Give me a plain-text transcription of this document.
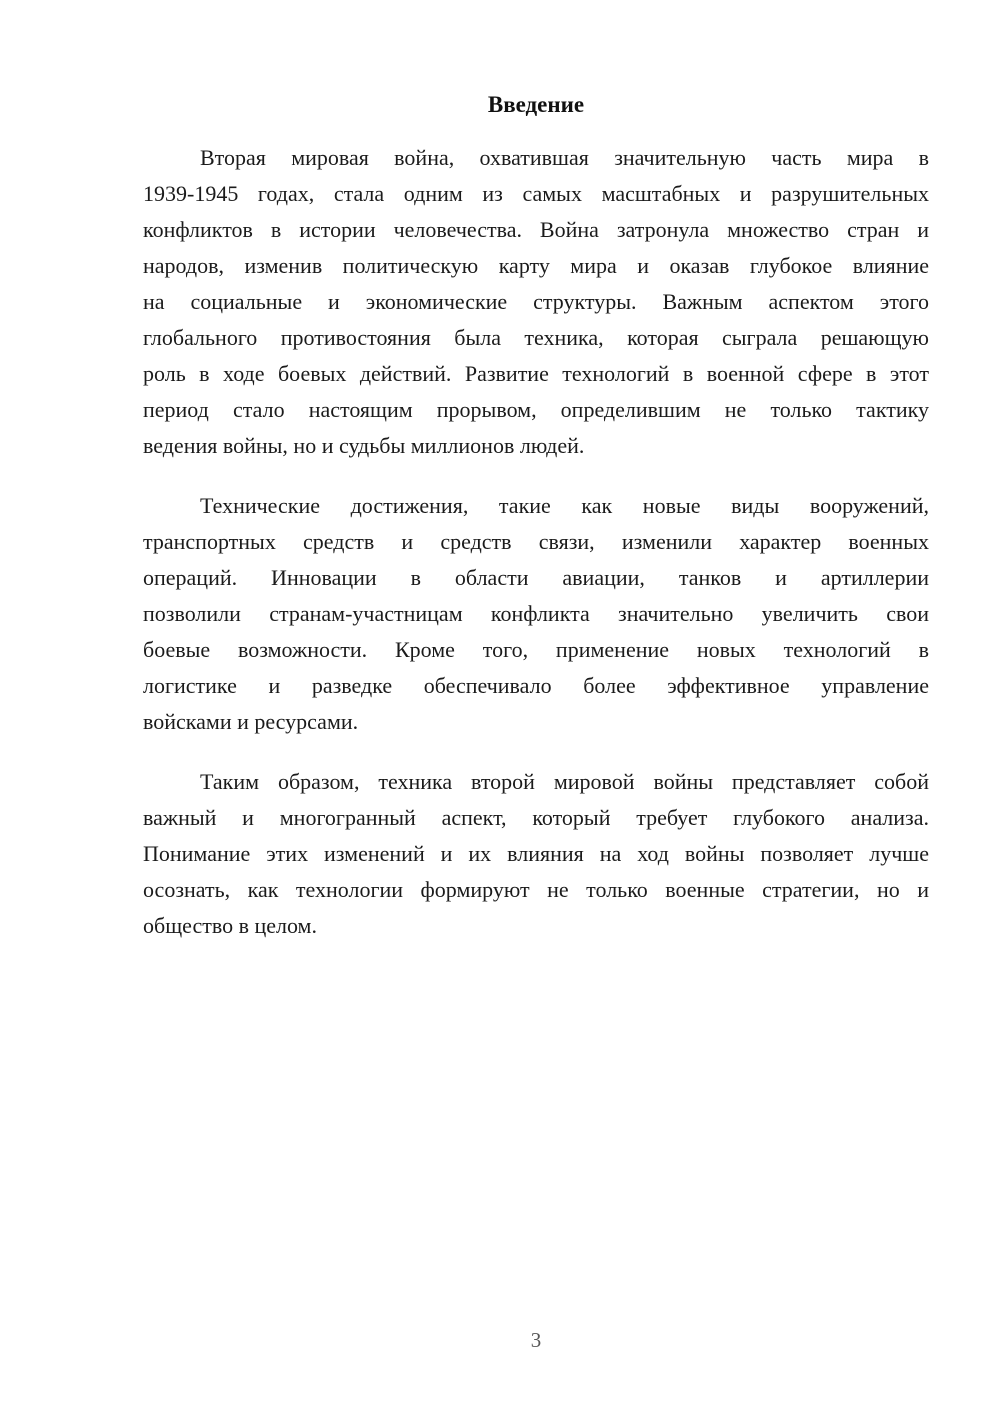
Введение
Вторая мировая война, охватившая значительную часть мира в
1939-1945 годах, стала одним из самых масштабных и разрушительных
конфликтов в истории человечества. Война затронула множество стран и
народов, изменив политическую карту мира и оказав глубокое влияние
на социальные и экономические структуры. Важным аспектом этого
глобального противостояния была техника, которая сыграла решающую
роль в ходе боевых действий. Развитие технологий в военной сфере в этот
период стало настоящим прорывом, определившим не только тактику
ведения войны, но и судьбы миллионов людей.
Технические достижения, такие как новые виды вооружений,
транспортных средств и средств связи, изменили характер военных
операций. Инновации в области авиации, танков и артиллерии
позволили странам-участницам конфликта значительно увеличить свои
боевые возможности. Кроме того, применение новых технологий в
логистике и разведке обеспечивало более эффективное управление
войсками и ресурсами.
Таким образом, техника второй мировой войны представляет собой
важный и многогранный аспект, который требует глубокого анализа.
Понимание этих изменений и их влияния на ход войны позволяет лучше
осознать, как технологии формируют не только военные стратегии, но и
общество в целом.
3
